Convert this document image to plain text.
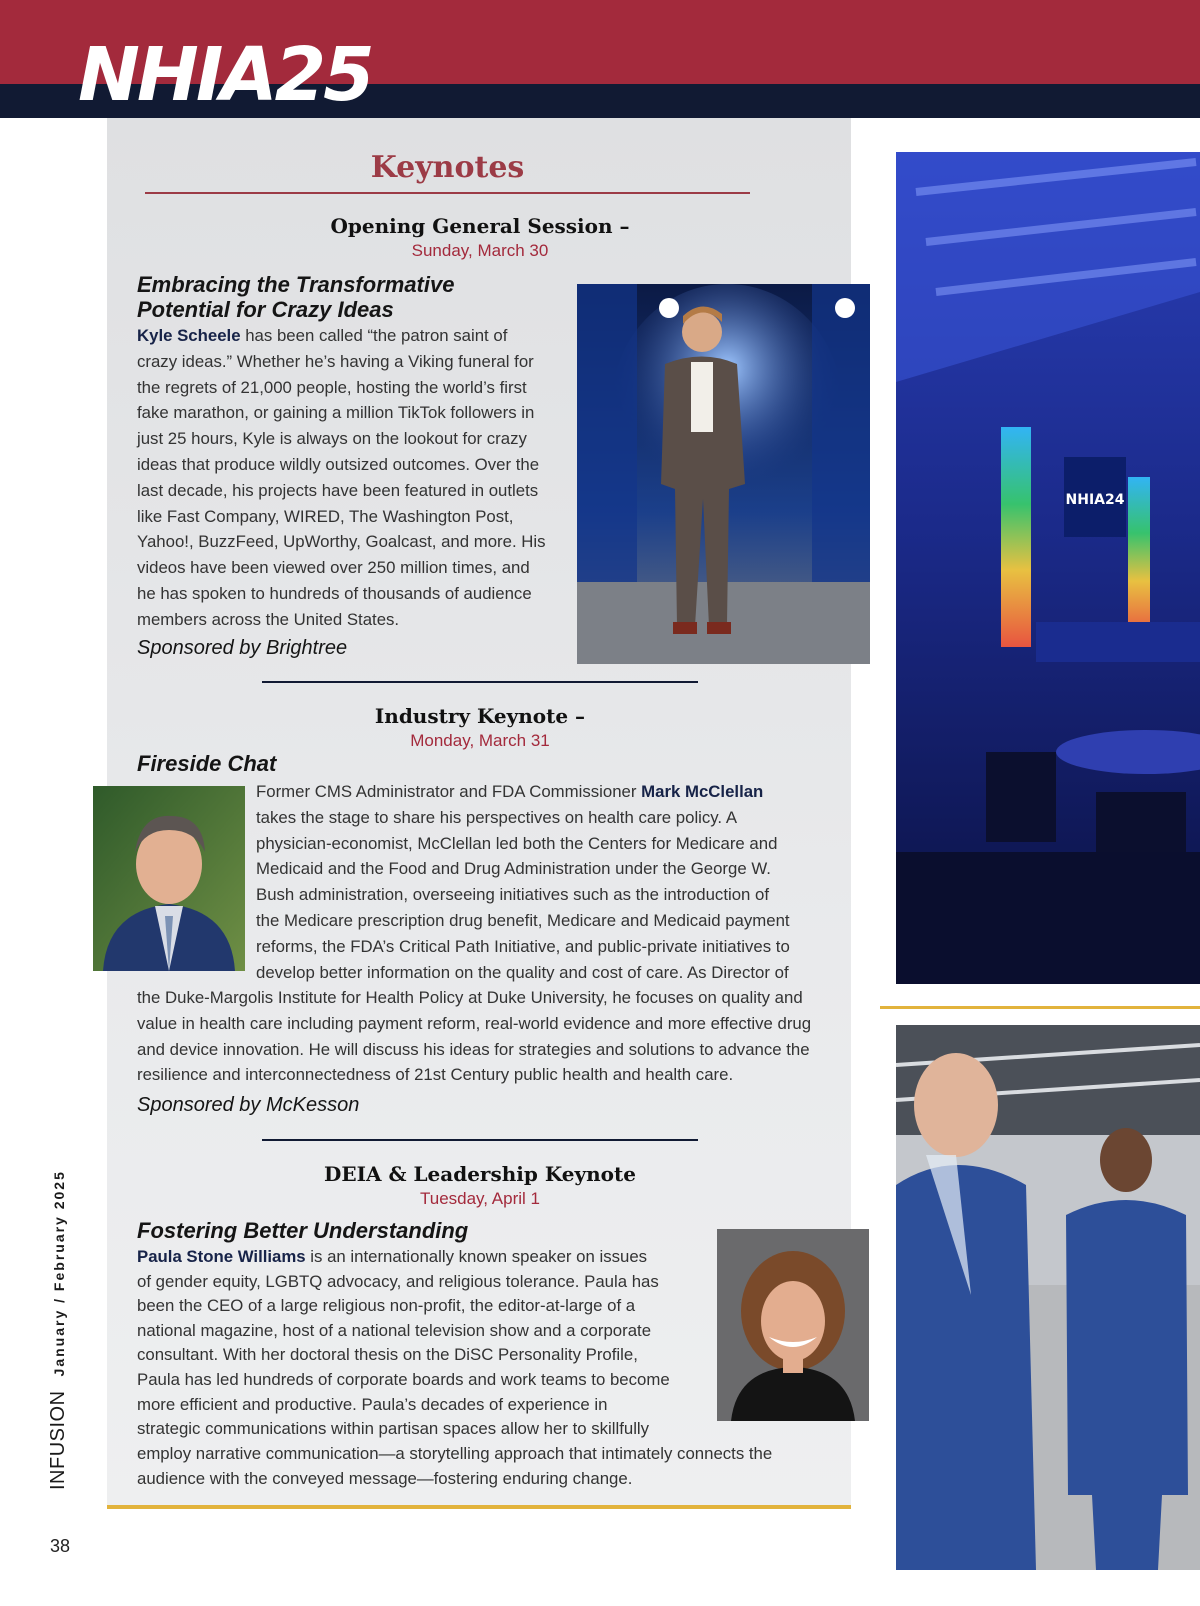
NHIA25
Keynotes
Opening General Session –
Sunday, March 30
Embracing the Transformative
Potential for Crazy Ideas
Kyle Scheele has been called “the patron saint of
crazy ideas.” Whether he’s having a Viking funeral for
the regrets of 21,000 people, hosting the world’s first
fake marathon, or gaining a million TikTok followers in
just 25 hours, Kyle is always on the lookout for crazy
ideas that produce wildly outsized outcomes. Over the
last decade, his projects have been featured in outlets
like Fast Company, WIRED, The Washington Post,
Yahoo!, BuzzFeed, UpWorthy, Goalcast, and more. His
videos have been viewed over 250 million times, and
he has spoken to hundreds of thousands of audience
members across the United States.
Sponsored by Brightree
Industry Keynote –
Monday, March 31
Fireside Chat
Former CMS Administrator and FDA Commissioner Mark McClellan
takes the stage to share his perspectives on health care policy. A
physician-economist, McClellan led both the Centers for Medicare and
Medicaid and the Food and Drug Administration under the George W.
Bush administration, overseeing initiatives such as the introduction of
the Medicare prescription drug benefit, Medicare and Medicaid payment
reforms, the FDA’s Critical Path Initiative, and public-private initiatives to
develop better information on the quality and cost of care. As Director of
the Duke-Margolis Institute for Health Policy at Duke University, he focuses on quality and
value in health care including payment reform, real-world evidence and more effective drug
and device innovation. He will discuss his ideas for strategies and solutions to advance the
resilience and interconnectedness of 21st Century public health and health care.
Sponsored by McKesson
DEIA & Leadership Keynote
Tuesday, April 1
Fostering Better Understanding
Paula Stone Williams is an internationally known speaker on issues
of gender equity, LGBTQ advocacy, and religious tolerance. Paula has
been the CEO of a large religious non-profit, the editor-at-large of a
national magazine, host of a national television show and a corporate
consultant. With her doctoral thesis on the DiSC Personality Profile,
Paula has led hundreds of corporate boards and work teams to become
more efficient and productive. Paula’s decades of experience in
strategic communications within partisan spaces allow her to skillfully
employ narrative communication—a storytelling approach that intimately connects the
audience with the conveyed message—fostering enduring change.
NHIA24
INFUSIONJanuary / February 2025
38
